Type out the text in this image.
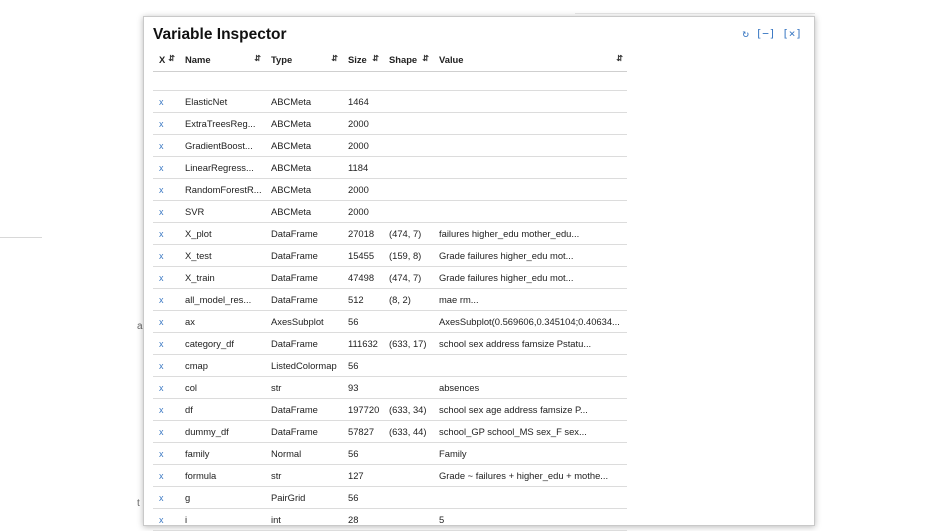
a
t
Variable Inspector	↻ [−] [×]
X ⇵	Name ⇵	Type ⇵	Size ⇵	Shape ⇵	Value ⇵

x	ElasticNet	ABCMeta	1464		
x	ExtraTreesReg...	ABCMeta	2000		
x	GradientBoost...	ABCMeta	2000		
x	LinearRegress...	ABCMeta	1184		
x	RandomForestR...	ABCMeta	2000		
x	SVR	ABCMeta	2000		
x	X_plot	DataFrame	27018	(474, 7)	failures higher_edu mother_edu...
x	X_test	DataFrame	15455	(159, 8)	Grade failures higher_edu mot...
x	X_train	DataFrame	47498	(474, 7)	Grade failures higher_edu mot...
x	all_model_res...	DataFrame	512	(8, 2)	mae rm...
x	ax	AxesSubplot	56		AxesSubplot(0.569606,0.345104;0.40634...
x	category_df	DataFrame	111632	(633, 17)	school sex address famsize Pstatu...
x	cmap	ListedColormap	56		
x	col	str	93		absences
x	df	DataFrame	197720	(633, 34)	school sex age address famsize P...
x	dummy_df	DataFrame	57827	(633, 44)	school_GP school_MS sex_F sex...
x	family	Normal	56		Family
x	formula	str	127		Grade ~ failures + higher_edu + mothe...
x	g	PairGrid	56		
x	i	int	28		5
